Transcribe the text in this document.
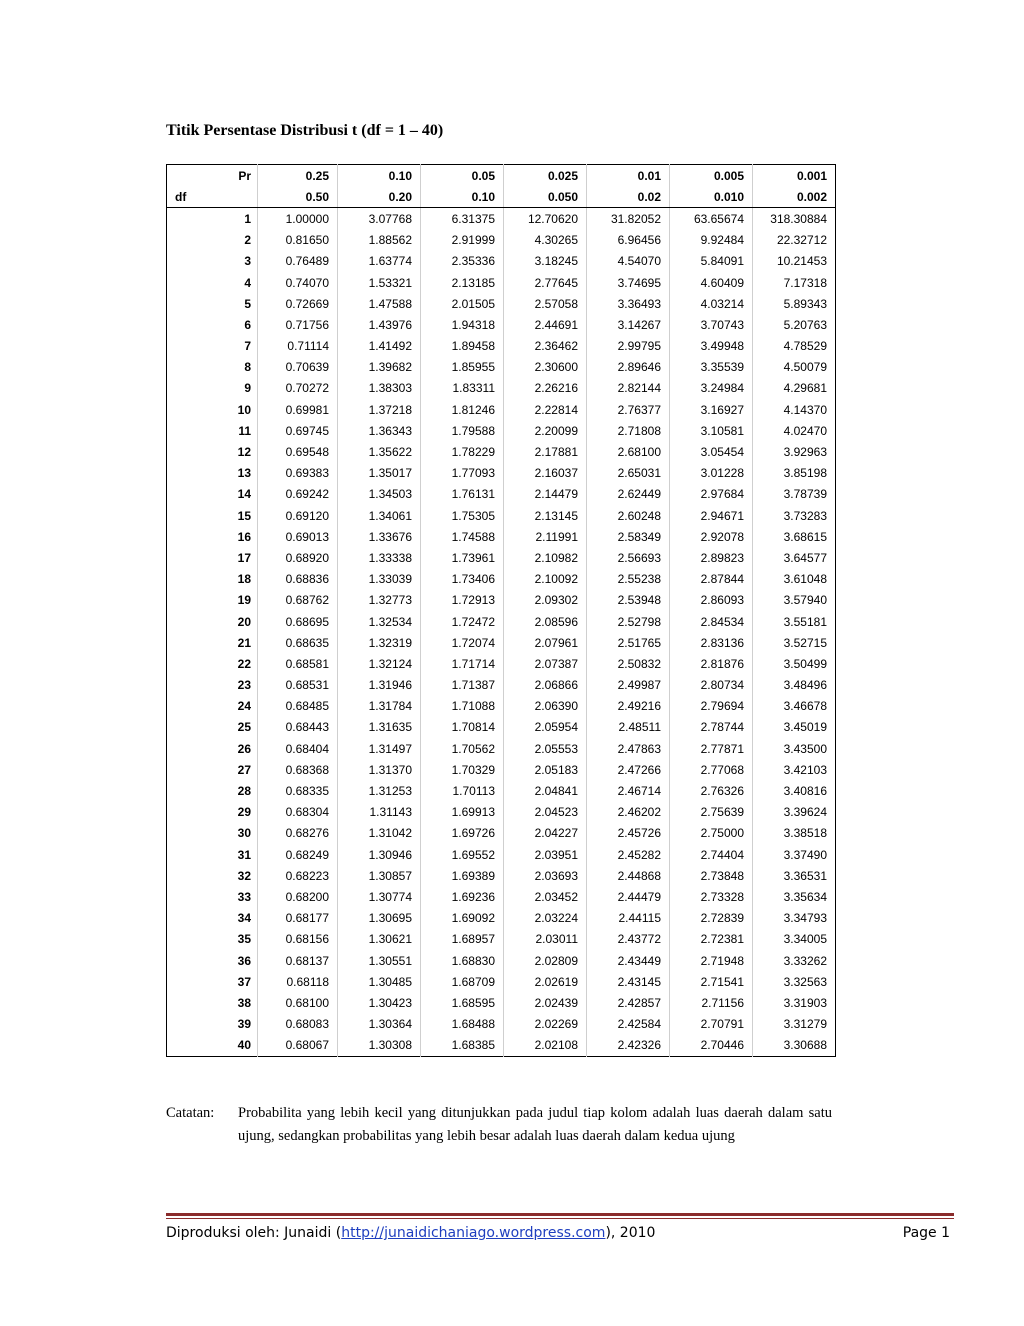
Titik Persentase Distribusi t (df = 1 – 40)
Pr	0.25	0.10	0.05	0.025	0.01	0.005	0.001
df	0.50	0.20	0.10	0.050	0.02	0.010	0.002
1	1.00000	3.07768	6.31375	12.70620	31.82052	63.65674	318.30884
2	0.81650	1.88562	2.91999	4.30265	6.96456	9.92484	22.32712
3	0.76489	1.63774	2.35336	3.18245	4.54070	5.84091	10.21453
4	0.74070	1.53321	2.13185	2.77645	3.74695	4.60409	7.17318
5	0.72669	1.47588	2.01505	2.57058	3.36493	4.03214	5.89343
6	0.71756	1.43976	1.94318	2.44691	3.14267	3.70743	5.20763
7	0.71114	1.41492	1.89458	2.36462	2.99795	3.49948	4.78529
8	0.70639	1.39682	1.85955	2.30600	2.89646	3.35539	4.50079
9	0.70272	1.38303	1.83311	2.26216	2.82144	3.24984	4.29681
10	0.69981	1.37218	1.81246	2.22814	2.76377	3.16927	4.14370
11	0.69745	1.36343	1.79588	2.20099	2.71808	3.10581	4.02470
12	0.69548	1.35622	1.78229	2.17881	2.68100	3.05454	3.92963
13	0.69383	1.35017	1.77093	2.16037	2.65031	3.01228	3.85198
14	0.69242	1.34503	1.76131	2.14479	2.62449	2.97684	3.78739
15	0.69120	1.34061	1.75305	2.13145	2.60248	2.94671	3.73283
16	0.69013	1.33676	1.74588	2.11991	2.58349	2.92078	3.68615
17	0.68920	1.33338	1.73961	2.10982	2.56693	2.89823	3.64577
18	0.68836	1.33039	1.73406	2.10092	2.55238	2.87844	3.61048
19	0.68762	1.32773	1.72913	2.09302	2.53948	2.86093	3.57940
20	0.68695	1.32534	1.72472	2.08596	2.52798	2.84534	3.55181
21	0.68635	1.32319	1.72074	2.07961	2.51765	2.83136	3.52715
22	0.68581	1.32124	1.71714	2.07387	2.50832	2.81876	3.50499
23	0.68531	1.31946	1.71387	2.06866	2.49987	2.80734	3.48496
24	0.68485	1.31784	1.71088	2.06390	2.49216	2.79694	3.46678
25	0.68443	1.31635	1.70814	2.05954	2.48511	2.78744	3.45019
26	0.68404	1.31497	1.70562	2.05553	2.47863	2.77871	3.43500
27	0.68368	1.31370	1.70329	2.05183	2.47266	2.77068	3.42103
28	0.68335	1.31253	1.70113	2.04841	2.46714	2.76326	3.40816
29	0.68304	1.31143	1.69913	2.04523	2.46202	2.75639	3.39624
30	0.68276	1.31042	1.69726	2.04227	2.45726	2.75000	3.38518
31	0.68249	1.30946	1.69552	2.03951	2.45282	2.74404	3.37490
32	0.68223	1.30857	1.69389	2.03693	2.44868	2.73848	3.36531
33	0.68200	1.30774	1.69236	2.03452	2.44479	2.73328	3.35634
34	0.68177	1.30695	1.69092	2.03224	2.44115	2.72839	3.34793
35	0.68156	1.30621	1.68957	2.03011	2.43772	2.72381	3.34005
36	0.68137	1.30551	1.68830	2.02809	2.43449	2.71948	3.33262
37	0.68118	1.30485	1.68709	2.02619	2.43145	2.71541	3.32563
38	0.68100	1.30423	1.68595	2.02439	2.42857	2.71156	3.31903
39	0.68083	1.30364	1.68488	2.02269	2.42584	2.70791	3.31279
40	0.68067	1.30308	1.68385	2.02108	2.42326	2.70446	3.30688
Catatan: Probabilita yang lebih kecil yang ditunjukkan pada judul tiap kolom adalah luas daerah dalam satu ujung, sedangkan probabilitas yang lebih besar adalah luas daerah dalam kedua ujung
Diproduksi oleh: Junaidi (http://junaidichaniago.wordpress.com), 2010	Page 1
